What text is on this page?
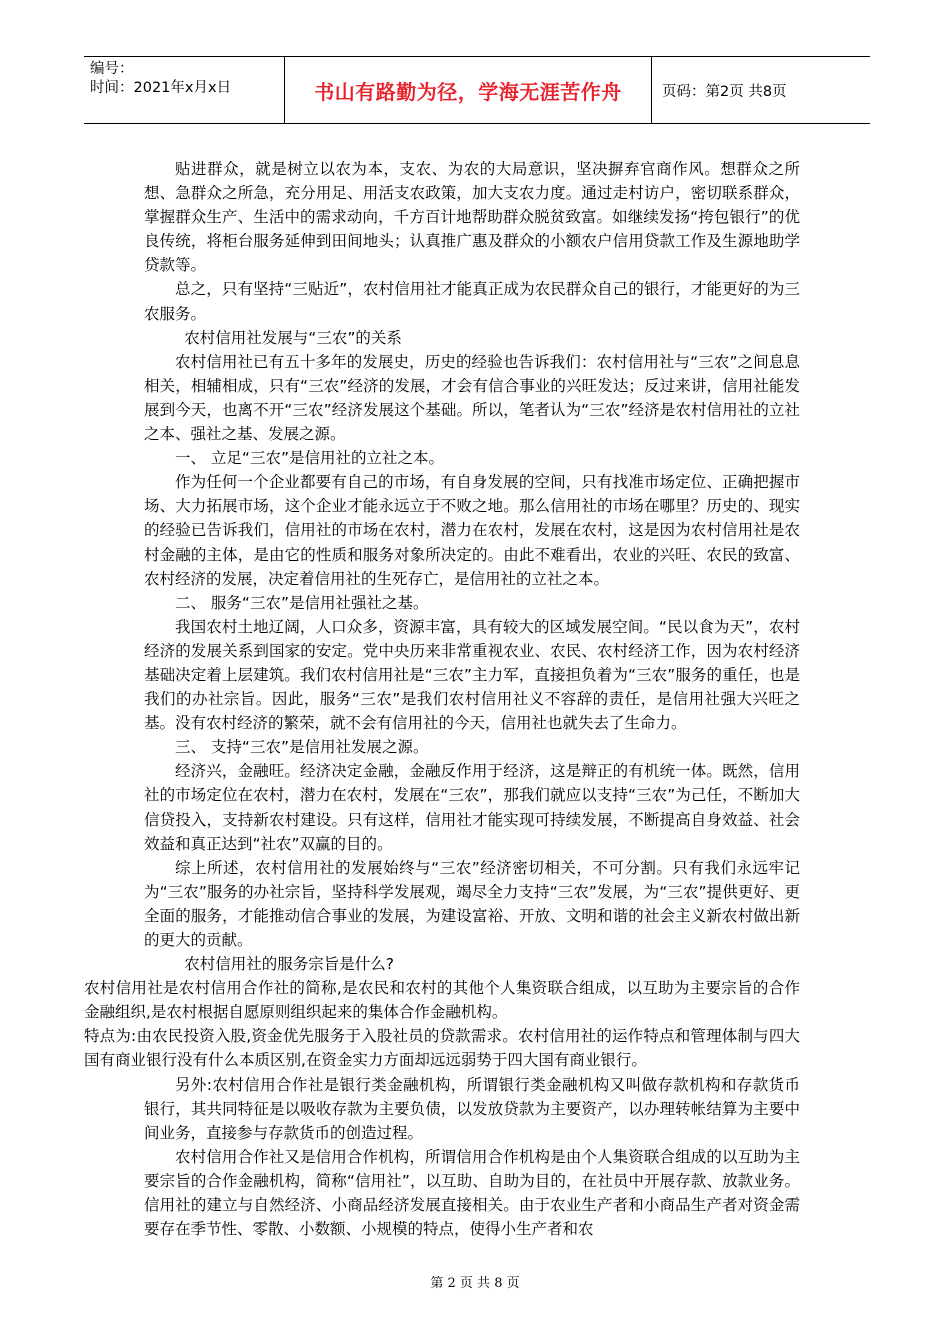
编号：
时间：2021年x月x日	书山有路勤为径，学海无涯苦作舟	页码：第2页 共8页

贴进群众，就是树立以农为本，支农、为农的大局意识，坚决摒弃官商作风。想群众之所想、急群众之所急，充分用足、用活支农政策，加大支农力度。通过走村访户，密切联系群众，掌握群众生产、生活中的需求动向，千方百计地帮助群众脱贫致富。如继续发扬“挎包银行”的优良传统，将柜台服务延伸到田间地头；认真推广惠及群众的小额农户信用贷款工作及生源地助学贷款等。

总之，只有坚持“三贴近”，农村信用社才能真正成为农民群众自己的银行，才能更好的为三农服务。

农村信用社发展与“三农”的关系

农村信用社已有五十多年的发展史，历史的经验也告诉我们：农村信用社与“三农”之间息息相关，相辅相成，只有“三农”经济的发展，才会有信合事业的兴旺发达；反过来讲，信用社能发展到今天，也离不开“三农”经济发展这个基础。所以，笔者认为“三农”经济是农村信用社的立社之本、强社之基、发展之源。

一、 立足“三农”是信用社的立社之本。

作为任何一个企业都要有自己的市场，有自身发展的空间，只有找准市场定位、正确把握市场、大力拓展市场，这个企业才能永远立于不败之地。那么信用社的市场在哪里？历史的、现实的经验已告诉我们，信用社的市场在农村，潜力在农村，发展在农村，这是因为农村信用社是农村金融的主体，是由它的性质和服务对象所决定的。由此不难看出，农业的兴旺、农民的致富、农村经济的发展，决定着信用社的生死存亡，是信用社的立社之本。

二、 服务“三农”是信用社强社之基。

我国农村土地辽阔，人口众多，资源丰富，具有较大的区域发展空间。“民以食为天”，农村经济的发展关系到国家的安定。党中央历来非常重视农业、农民、农村经济工作，因为农村经济基础决定着上层建筑。我们农村信用社是“三农”主力军，直接担负着为“三农”服务的重任，也是我们的办社宗旨。因此，服务“三农”是我们农村信用社义不容辞的责任，是信用社强大兴旺之基。没有农村经济的繁荣，就不会有信用社的今天，信用社也就失去了生命力。

三、 支持“三农”是信用社发展之源。

经济兴，金融旺。经济决定金融，金融反作用于经济，这是辩正的有机统一体。既然，信用社的市场定位在农村，潜力在农村，发展在“三农”，那我们就应以支持“三农”为己任，不断加大信贷投入，支持新农村建设。只有这样，信用社才能实现可持续发展，不断提高自身效益、社会效益和真正达到“社农”双赢的目的。

综上所述，农村信用社的发展始终与“三农”经济密切相关，不可分割。只有我们永远牢记为“三农”服务的办社宗旨，坚持科学发展观，竭尽全力支持“三农”发展，为“三农”提供更好、更全面的服务，才能推动信合事业的发展，为建设富裕、开放、文明和谐的社会主义新农村做出新的更大的贡献。

农村信用社的服务宗旨是什么?

农村信用社是农村信用合作社的简称,是农民和农村的其他个人集资联合组成，以互助为主要宗旨的合作金融组织,是农村根据自愿原则组织起来的集体合作金融机构。

特点为:由农民投资入股,资金优先服务于入股社员的贷款需求。农村信用社的运作特点和管理体制与四大国有商业银行没有什么本质区别,在资金实力方面却远远弱势于四大国有商业银行。

另外:农村信用合作社是银行类金融机构，所谓银行类金融机构又叫做存款机构和存款货币银行，其共同特征是以吸收存款为主要负债，以发放贷款为主要资产，以办理转帐结算为主要中间业务，直接参与存款货币的创造过程。

农村信用合作社又是信用合作机构，所谓信用合作机构是由个人集资联合组成的以互助为主要宗旨的合作金融机构，简称“信用社”，以互助、自助为目的，在社员中开展存款、放款业务。信用社的建立与自然经济、小商品经济发展直接相关。由于农业生产者和小商品生产者对资金需要存在季节性、零散、小数额、小规模的特点，使得小生产者和农

第 2 页 共 8 页
